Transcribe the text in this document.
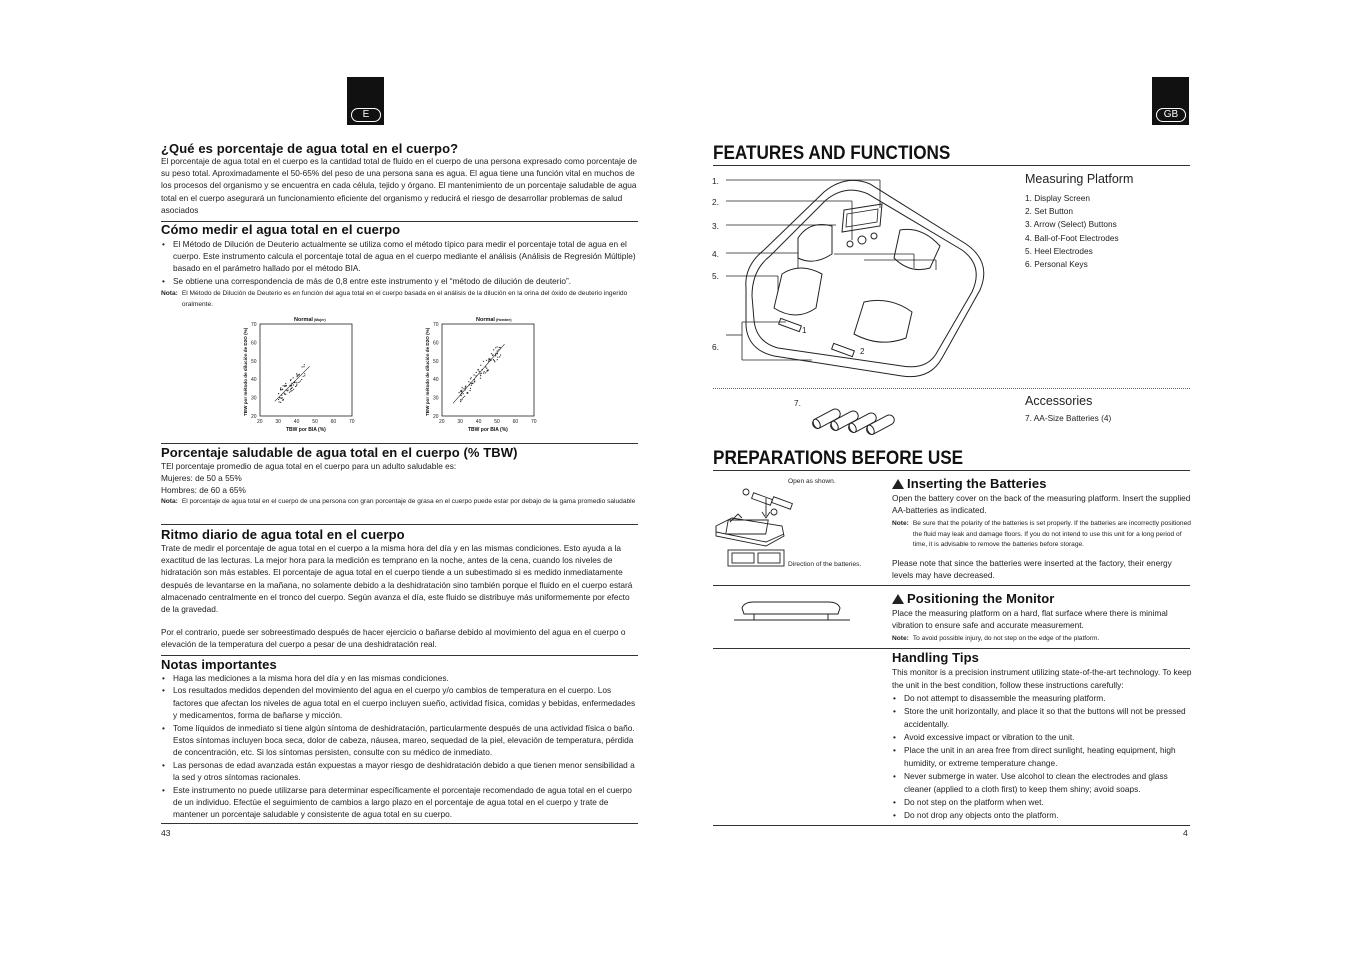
E
¿Qué es porcentaje de agua total en el cuerpo?
El porcentaje de agua total en el cuerpo es la cantidad total de fluido en el cuerpo de una persona expresado como porcentaje de su peso total. Aproximadamente el 50-65% del peso de una persona sana es agua. El agua tiene una función vital en muchos de los procesos del organismo y se encuentra en cada célula, tejido y órgano. El mantenimiento de un porcentaje saludable de agua total en el cuerpo asegurará un funcionamiento eficiente del organismo y reducirá el riesgo de desarrollar problemas de salud asociados
Cómo medir el agua total en el cuerpo
• El Método de Dilución de Deuterio actualmente se utiliza como el método típico para medir el porcentaje total de agua en el cuerpo. Este instrumento calcula el porcentaje total de agua en el cuerpo mediante el análisis (Análisis de Regresión Múltiple) basado en el parámetro hallado por el método BIA.
• Se obtiene una correspondencia de más de 0,8 entre este instrumento y el “método de dilución de deuterio”.
Nota: El Método de Dilución de Deuterio es en función del agua total en el cuerpo basada en el análisis de la dilución en la orina del óxido de deuterio ingerido oralmente.
Normal(Mujer)
20	30	40	50	60	70
20
30
40
50
60
70
TBW por BIA (%)
TBW por método de dilución de D2O (%)
Normal(Hombre)
20	30	40	50	60	70
20
30
40
50
60
70
TBW por BIA (%)
TBW por método de dilución de D2O (%)
Porcentaje saludable de agua total en el cuerpo (% TBW)
TEl porcentaje promedio de agua total en el cuerpo para un adulto saludable es:
Mujeres: de 50 a 55%
Hombres: de 60 a 65%
Nota: El porcentaje de agua total en el cuerpo de una persona con gran porcentaje de grasa en el cuerpo puede estar por debajo de la gama promedio saludable
Ritmo diario de agua total en el cuerpo
Trate de medir el porcentaje de agua total en el cuerpo a la misma hora del día y en las mismas condiciones. Esto ayuda a la exactitud de las lecturas. La mejor hora para la medición es temprano en la noche, antes de la cena, cuando los niveles de hidratación son más estables. El porcentaje de agua total en el cuerpo tiende a un subestimado si es medido inmediatamente después de levantarse en la mañana, no solamente debido a la deshidratación sino también porque el fluido en el cuerpo estará almacenado centralmente en el tronco del cuerpo. Según avanza el día, este fluido se distribuye más uniformemente por efecto de la gravedad.
Por el contrario, puede ser sobreestimado después de hacer ejercicio o bañarse debido al movimiento del agua en el cuerpo o elevación de la temperatura del cuerpo a pesar de una deshidratación real.
Notas importantes
• Haga las mediciones a la misma hora del día y en las mismas condiciones.
• Los resultados medidos dependen del movimiento del agua en el cuerpo y/o cambios de temperatura en el cuerpo. Los factores que afectan los niveles de agua total en el cuerpo incluyen sueño, actividad física, comidas y bebidas, enfermedades y medicamentos, forma de bañarse y micción.
• Tome líquidos de inmediato si tiene algún síntoma de deshidratación, particularmente después de una actividad física o baño. Estos síntomas incluyen boca seca, dolor de cabeza, náusea, mareo, sequedad de la piel, elevación de temperatura, pérdida de concentración, etc. Si los síntomas persisten, consulte con su médico de inmediato.
• Las personas de edad avanzada están expuestas a mayor riesgo de deshidratación debido a que tienen menor sensibilidad a la sed y otros síntomas racionales.
• Este instrumento no puede utilizarse para determinar específicamente el porcentaje recomendado de agua total en el cuerpo de un individuo. Efectúe el seguimiento de cambios a largo plazo en el porcentaje de agua total en el cuerpo y trate de mantener un porcentaje saludable y consistente de agua total en su cuerpo.
43
GB
FEATURES AND FUNCTIONS
1
2
1.
2.
3.
4.
5.
6.
Measuring Platform
1. Display Screen
2. Set Button
3. Arrow (Select) Buttons
4. Ball-of-Foot Electrodes
5. Heel Electrodes
6. Personal Keys
7.	Accessories
7. AA-Size Batteries (4)
PREPARATIONS BEFORE USE
Open as shown.
Direction of the batteries.
Inserting the Batteries
Open the battery cover on the back of the measuring platform. Insert the supplied AA-batteries as indicated.
Note: Be sure that the polarity of the batteries is set properly. If the batteries are incorrectly positioned the fluid may leak and damage floors. If you do not intend to use this unit for a long period of time, it is advisable to remove the batteries before storage.
Please note that since the batteries were inserted at the factory, their energy levels may have decreased.
Positioning the Monitor
Place the measuring platform on a hard, flat surface where there is minimal vibration to ensure safe and accurate measurement.
Note: To avoid possible injury, do not step on the edge of the platform.
Handling Tips
This monitor is a precision instrument utilizing state-of-the-art technology. To keep the unit in the best condition, follow these instructions carefully:
• Do not attempt to disassemble the measuring platform.
• Store the unit horizontally, and place it so that the buttons will not be pressed accidentally.
• Avoid excessive impact or vibration to the unit.
• Place the unit in an area free from direct sunlight, heating equipment, high humidity, or extreme temperature change.
• Never submerge in water. Use alcohol to clean the electrodes and glass cleaner (applied to a cloth first) to keep them shiny; avoid soaps.
• Do not step on the platform when wet.
• Do not drop any objects onto the platform.
4
